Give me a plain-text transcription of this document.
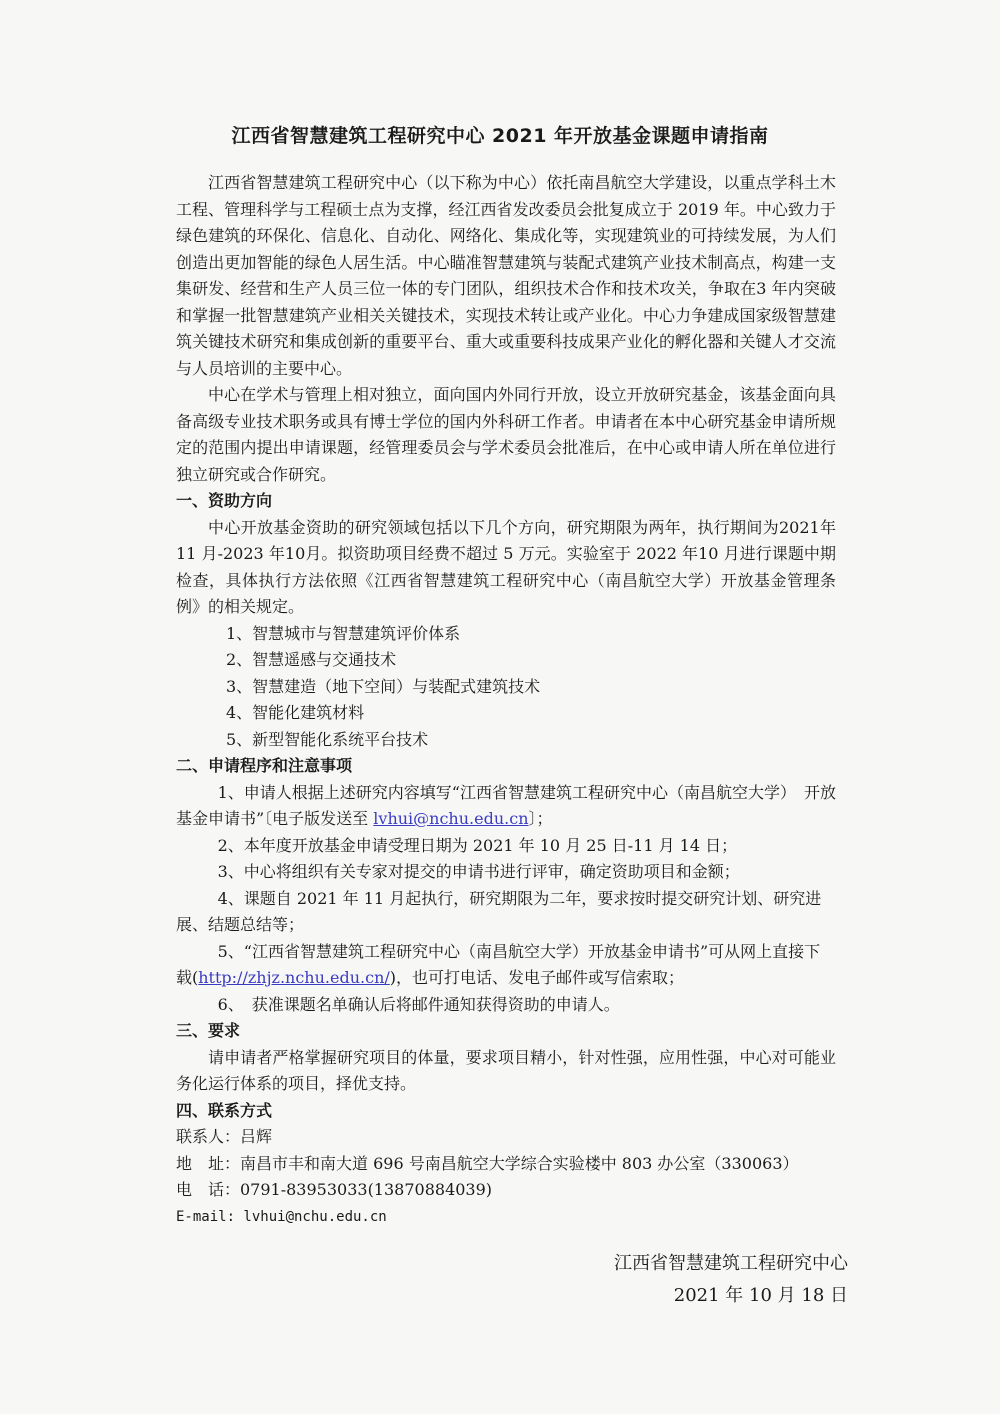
江西省智慧建筑工程研究中心 2021 年开放基金课题申请指南

江西省智慧建筑工程研究中心（以下称为中心）依托南昌航空大学建设，以重点学科土木工程、管理科学与工程硕士点为支撑，经江西省发改委员会批复成立于 2019 年。中心致力于绿色建筑的环保化、信息化、自动化、网络化、集成化等，实现建筑业的可持续发展，为人们创造出更加智能的绿色人居生活。中心瞄准智慧建筑与装配式建筑产业技术制高点，构建一支集研发、经营和生产人员三位一体的专门团队，组织技术合作和技术攻关，争取在3 年内突破和掌握一批智慧建筑产业相关关键技术，实现技术转让或产业化。中心力争建成国家级智慧建筑关键技术研究和集成创新的重要平台、重大或重要科技成果产业化的孵化器和关键人才交流与人员培训的主要中心。

中心在学术与管理上相对独立，面向国内外同行开放，设立开放研究基金，该基金面向具备高级专业技术职务或具有博士学位的国内外科研工作者。申请者在本中心研究基金申请所规定的范围内提出申请课题，经管理委员会与学术委员会批准后，在中心或申请人所在单位进行独立研究或合作研究。

一、资助方向

中心开放基金资助的研究领域包括以下几个方向，研究期限为两年，执行期间为2021年 11 月-2023 年10月。拟资助项目经费不超过 5 万元。实验室于 2022 年10 月进行课题中期检查，具体执行方法依照《江西省智慧建筑工程研究中心（南昌航空大学）开放基金管理条例》的相关规定。

1、智慧城市与智慧建筑评价体系

2、智慧遥感与交通技术

3、智慧建造（地下空间）与装配式建筑技术

4、智能化建筑材料

5、新型智能化系统平台技术

二、申请程序和注意事项

1、申请人根据上述研究内容填写“江西省智慧建筑工程研究中心（南昌航空大学）　开放基金申请书”〔电子版发送至 lvhui@nchu.edu.cn〕；

2、本年度开放基金申请受理日期为 2021 年 10 月 25 日-11 月 14 日；

3、中心将组织有关专家对提交的申请书进行评审，确定资助项目和金额；

4、课题自 2021 年 11 月起执行，研究期限为二年，要求按时提交研究计划、研究进展、结题总结等；

5、“江西省智慧建筑工程研究中心（南昌航空大学）开放基金申请书”可从网上直接下载(http://zhjz.nchu.edu.cn/)，也可打电话、发电子邮件或写信索取；

6、　获准课题名单确认后将邮件通知获得资助的申请人。

三、要求

请申请者严格掌握研究项目的体量，要求项目精小，针对性强，应用性强，中心对可能业务化运行体系的项目，择优支持。

四、联系方式

联系人：吕辉

地　址：南昌市丰和南大道 696 号南昌航空大学综合实验楼中 803 办公室（330063）

电　话：0791-83953033(13870884039)

E-mail: lvhui@nchu.edu.cn

江西省智慧建筑工程研究中心
2021 年 10 月 18 日
